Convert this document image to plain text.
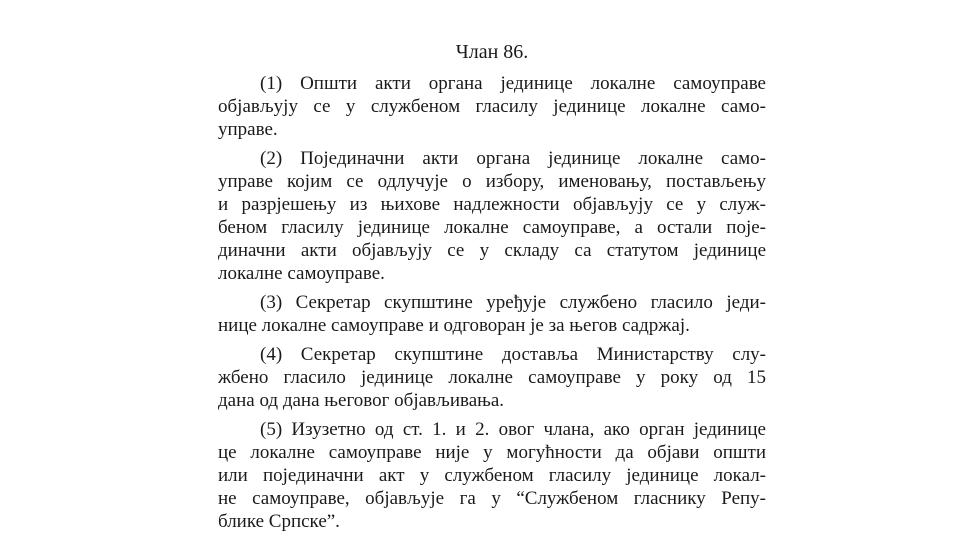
Члан 86.
(1) Општи акти органа јединице локалне самоуправе
објављују се у службеном гласилу јединице локалне само-
управе.
(2) Појединачни акти органа јединице локалне само-
управе којим се одлучује о избору, именовању, постављењу
и разрјешењу из њихове надлежности објављују се у служ-
беном гласилу јединице локалне самоуправе, а остали поје-
диначни акти објављују се у складу са статутом јединице
локалне самоуправе.
(3) Секретар скупштине уређује службено гласило једи-
нице локалне самоуправе и одговоран је за његов садржај.
(4) Секретар скупштине доставља Министарству слу-
жбено гласило јединице локалне самоуправе у року од 15
дана од дана његовог објављивања.
(5) Изузетно од ст. 1. и 2. овог члана, ако орган јединице
це локалне самоуправе није у могућности да објави општи
или појединачни акт у службеном гласилу јединице локал-
не самоуправе, објављује га у “Службеном гласнику Репу-
блике Српске”.
